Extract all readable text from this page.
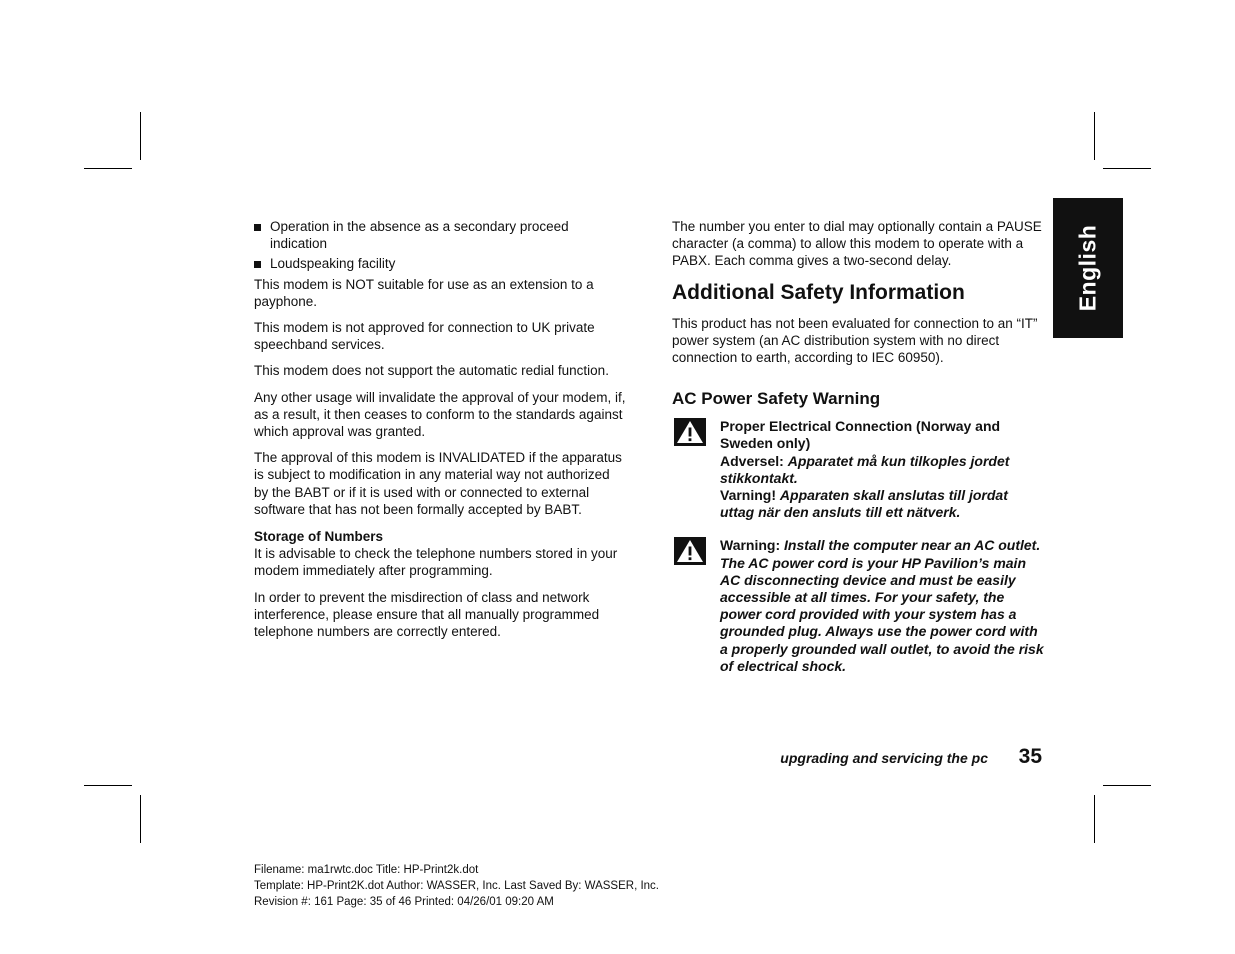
Operation in the absence as a secondary proceed indication
Loudspeaking facility

This modem is NOT suitable for use as an extension to a payphone.

This modem is not approved for connection to UK private speechband services.

This modem does not support the automatic redial function.

Any other usage will invalidate the approval of your modem, if, as a result, it then ceases to conform to the standards against which approval was granted.

The approval of this modem is INVALIDATED if the apparatus is subject to modification in any material way not authorized by the BABT or if it is used with or connected to external software that has not been formally accepted by BABT.

Storage of Numbers

It is advisable to check the telephone numbers stored in your modem immediately after programming.

In order to prevent the misdirection of class and network interference, please ensure that all manually programmed telephone numbers are correctly entered.

The number you enter to dial may optionally contain a PAUSE character (a comma) to allow this modem to operate with a PABX. Each comma gives a two-second delay.

Additional Safety Information

This product has not been evaluated for connection to an “IT” power system (an AC distribution system with no direct connection to earth, according to IEC 60950).

AC Power Safety Warning
Proper Electrical Connection (Norway and Sweden only)
Adversel: Apparatet må kun tilkoples jordet stikkontakt.
Varning! Apparaten skall anslutas till jordat uttag när den ansluts till ett nätverk.
Warning: Install the computer near an AC outlet. The AC power cord is your HP Pavilion’s main AC disconnecting device and must be easily accessible at all times. For your safety, the power cord provided with your system has a grounded plug. Always use the power cord with a properly grounded wall outlet, to avoid the risk of electrical shock.
English
upgrading and servicing the pc	35
Filename: ma1rwtc.doc Title: HP-Print2k.dot
Template: HP-Print2K.dot Author: WASSER, Inc. Last Saved By: WASSER, Inc.
Revision #: 161 Page: 35 of 46 Printed: 04/26/01 09:20 AM
